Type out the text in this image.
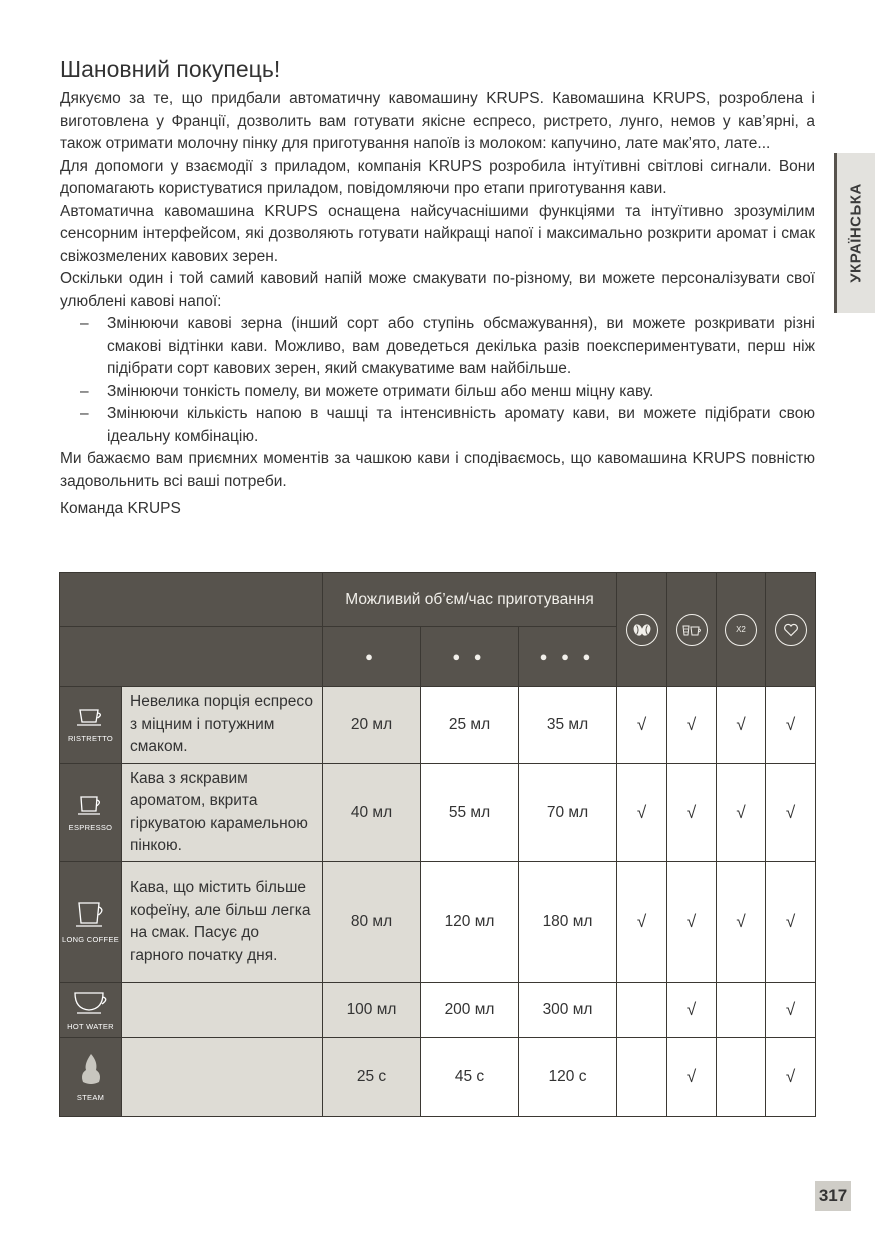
Шановний покупець!

Дякуємо за те, що придбали автоматичну кавомашину KRUPS. Кавомашина KRUPS, розроблена і виготовлена у Франції, дозволить вам готувати якісне еспресо, ристрето, лунго, немов у кав’ярні, а також отримати молочну пінку для приготування напоїв із молоком: капучино, лате мак’ято, лате...

Для допомоги у взаємодії з приладом, компанія KRUPS розробила інтуїтивні світлові сигнали. Вони допомагають користуватися приладом, повідомляючи про етапи приготування кави.

Автоматична кавомашина KRUPS оснащена найсучаснішими функціями та інтуїтивно зрозумілим сенсорним інтерфейсом, які дозволяють готувати найкращі напої і максимально розкрити аромат і смак свіжозмелених кавових зерен.

Оскільки один і той самий кавовий напій може смакувати по-різному, ви можете персоналізувати свої улюблені кавові напої:

– Змінюючи кавові зерна (інший сорт або ступінь обсмажування), ви можете розкривати різні смакові відтінки кави. Можливо, вам доведеться декілька разів поекспериментувати, перш ніж підібрати сорт кавових зерен, який смакуватиме вам найбільше.
– Змінюючи тонкість помелу, ви можете отримати більш або менш міцну каву.
– Змінюючи кількість напою в чашці та інтенсивність аромату кави, ви можете підібрати свою ідеальну комбінацію.

Ми бажаємо вам приємних моментів за чашкою кави і сподіваємось, що кавомашина KRUPS повністю задовольнить всі ваші потреби.

Команда KRUPS

УКРАЇНСЬКА
		Можливий об’єм/час приготування					X2

		●	● ●	● ● ●				

RISTRETTO	Невелика порція еспресо з міцним і потужним смаком.	20 мл	25 мл	35 мл	√	√	√	√

ESPRESSO	Кава з яскравим ароматом, вкрита гіркуватою карамельною пінкою.	40 мл	55 мл	70 мл	√	√	√	√

LONG COFFEE	Кава, що містить більше кофеїну, але більш легка на смак. Пасує до гарного початку дня.	80 мл	120 мл	180 мл	√	√	√	√

HOT WATER		100 мл	200 мл	300 мл		√		√

STEAM		25 с	45 с	120 с		√		√
317
